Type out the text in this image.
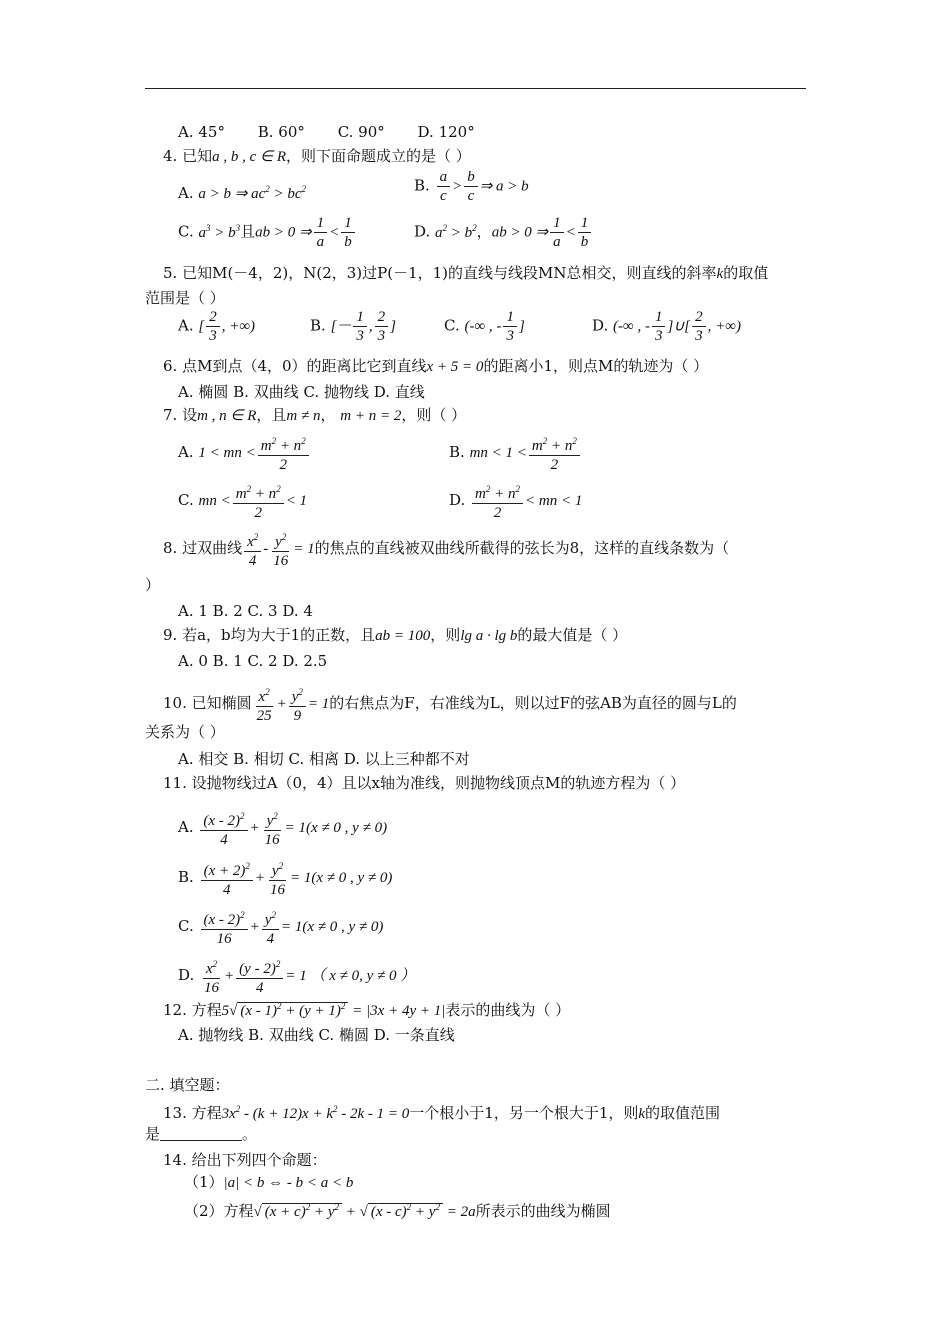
A. 45° B. 60° C. 90° D. 120°
4. 已知a , b , c ∈ R，则下面命题成立的是（ ）
A. a > b ⇒ $ac^2 > bc^2$	B. $\frac{a}{c} > \frac{b}{c}$ ⇒ a > b
C. $a^3 > b^3$且ab > 0 ⇒ $\frac{1}{a} < \frac{1}{b}$	D. $a^2 > b^2$，ab > 0 ⇒ $\frac{1}{a} < \frac{1}{b}$
5. 已知M(－4，2)，N(2，3)过P(－1，1)的直线与线段MN总相交，则直线的斜率k的取值
范围是（ ）
A. [ $\frac{2}{3}$ , +∞)	B. [－ $\frac{1}{3}$ , $\frac{2}{3}$ ]	C. (-∞ , - $\frac{1}{3}$ ]	D. (-∞ , - $\frac{1}{3}$ ]∪[ $\frac{2}{3}$ , +∞)
6. 点M到点（4，0）的距离比它到直线x + 5 = 0的距离小1，则点M的轨迹为（ ）
A. 椭圆 B. 双曲线 C. 抛物线 D. 直线
7. 设m , n ∈ R，且m ≠ n， m + n = 2，则（ ）
A. 1 < mn < $\frac{m^2 + n^2}{2}$	B. mn < $1 < \frac{m^2 + n^2}{2}$
C. mn < $\frac{m^2 + n^2}{2} < 1$	D. $\frac{m^2 + n^2}{2}$ < mn < 1
8. 过双曲线 $\frac{x^2}{4} - \frac{y^2}{16} = 1$的焦点的直线被双曲线所截得的弦长为8，这样的直线条数为（
）
A. 1 B. 2 C. 3 D. 4
9. 若a，b均为大于1的正数，且ab = 100，则lg a · lg b的最大值是（ ）
A. 0 B. 1 C. 2 D. 2.5
10. 已知椭圆 $\frac{x^2}{25} + \frac{y^2}{9} = 1$的右焦点为F，右准线为L，则以过F的弦AB为直径的圆与L的
关系为（ ）
A. 相交 B. 相切 C. 相离 D. 以上三种都不对
11. 设抛物线过A（0，4）且以x轴为准线，则抛物线顶点M的轨迹方程为（ ）
A. $\frac{(x - 2)^2}{4} + \frac{y^2}{16} = 1(x \ne 0$ , y ≠ 0)
B. $\frac{(x + 2)^2}{4} + \frac{y^2}{16} = 1(x \ne 0$ , y ≠ 0)
C. $\frac{(x - 2)^2}{16} + \frac{y^2}{4} = 1(x \ne 0$ , y ≠ 0)
D. $\frac{x^2}{16} + \frac{(y - 2)^2}{4} = 1$ （ x ≠ 0, y ≠ 0 ）
12. 方程5√ $(x - 1)^2 + (y + 1)^2 = |3x + 4y + 1|$表示的曲线为（ ）
A. 抛物线 B. 双曲线 C. 椭圆 D. 一条直线
二. 填空题：
13. 方程$3x^2 - (k + 12)x + k^2 - 2k - 1 = 0$一个根小于1，另一个根大于1，则k的取值范围
是	。
14. 给出下列四个命题：
（1）|a| < b ⇔ - b < a < b
（2）方程√ $(x + c)^2 + y^2$ + √ $(x - c)^2 + y^2 = 2a$所表示的曲线为椭圆
